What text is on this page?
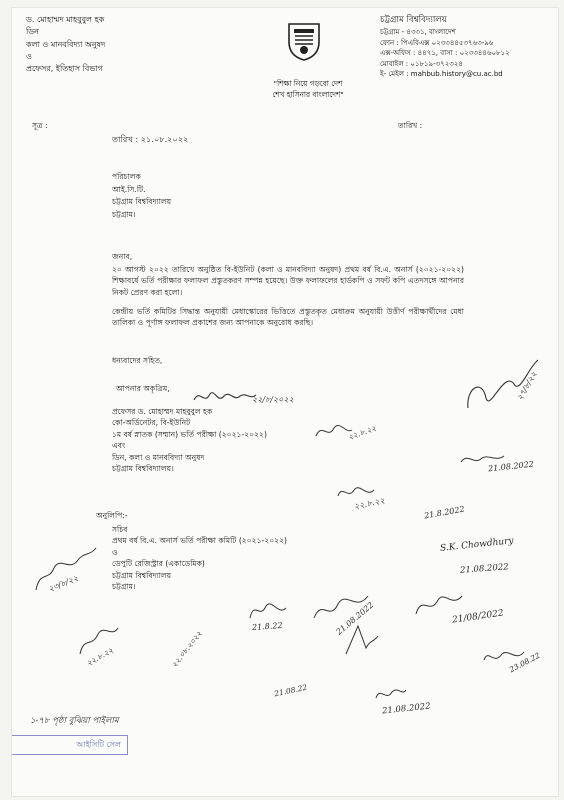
ড. মোহাম্মদ মাহবুবুল হক
ডিন
কলা ও মানববিদ্যা অনুষদ
ও
প্রফেসর, ইতিহাস বিভাগ
"শিক্ষা নিয়ে গড়বো দেশ
শেখ হাসিনার বাংলাদেশ"
চট্টগ্রাম বিশ্ববিদ্যালয়
চট্টগ্রাম - ৪৩৩১, বাংলাদেশ
ফোন : পিএবিএক্স ০২৩৩৪৪৫৩৭৬৩-৯৬
এক্স-অফিস : ৪৪৭১, বাসা : ০২৩৩৪৪৬০৮১২
মোবাইল : ০১৮১৯-৩৭২৩২৪
ই- মেইল : mahbub.history@cu.ac.bd
সূত্র :	তারিখ :
তারিখ : ২১.০৮.২০২২
পরিচালক
আই.সি.টি.
চট্টগ্রাম বিশ্ববিদ্যালয়
চট্টগ্রাম।
জনাব,
২০ আগস্ট ২০২২ তারিখে অনুষ্ঠিত বি-ইউনিট (কলা ও মানববিদ্যা অনুষদ) প্রথম বর্ষ বি.এ. অনার্স (২০২১-২০২২) শিক্ষাবর্ষে ভর্তি পরীক্ষার ফলাফল প্রস্তুতকরণ সম্পন্ন হয়েছে। উক্ত ফলাফলের হার্ডকপি ও সফট কপি এতদসঙ্গে আপনার নিকট প্রেরণ করা হলো।
কেন্দ্রীয় ভর্তি কমিটির সিদ্ধান্ত অনুযায়ী মেধাস্কোরের ভিত্তিতে প্রস্তুতকৃত মেধাক্রম অনুযায়ী উত্তীর্ণ পরীক্ষার্থীদের মেধা তালিকা ও পূর্ণাঙ্গ ফলাফল প্রকাশের জন্য আপনাকে অনুরোধ করছি।
ধন্যবাদের সহিত,
আপনার অকৃত্রিম,
২২/৮/২০২২
প্রফেসর ড. মোহাম্মদ মাহবুবুল হক
কো-অর্ডিনেটর, বি-ইউনিট
১ম বর্ষ স্নাতক (সম্মান) ভর্তি পরীক্ষা (২০২১-২০২২)
এবং
ডিন, কলা ও মানববিদ্যা অনুষদ
চট্টগ্রাম বিশ্ববিদ্যালয়।
অনুলিপি:-
সচিব
প্রথম বর্ষ বি.এ. অনার্স ভর্তি পরীক্ষা কমিটি (২০২১-২০২২)
ও
ডেপুটি রেজিস্ট্রার (একাডেমিক)
চট্টগ্রাম বিশ্ববিদ্যালয়
চট্টগ্রাম।
২৭/৮/২২
২২.৮.২২
21.08.2022
২২.৮.২২
21.8.2022
S.K. Chowdhury
21.08.2022
২৩/৮/২২
21.8.22	21.08.2022	21/08/2022
২২.৮.২২	২২.০৮.২০২২	23.08.22
21.08.22
21.08.2022
১-৭৮ পৃষ্ঠা বুঝিয়া পাইলাম
আইসিটি সেল
